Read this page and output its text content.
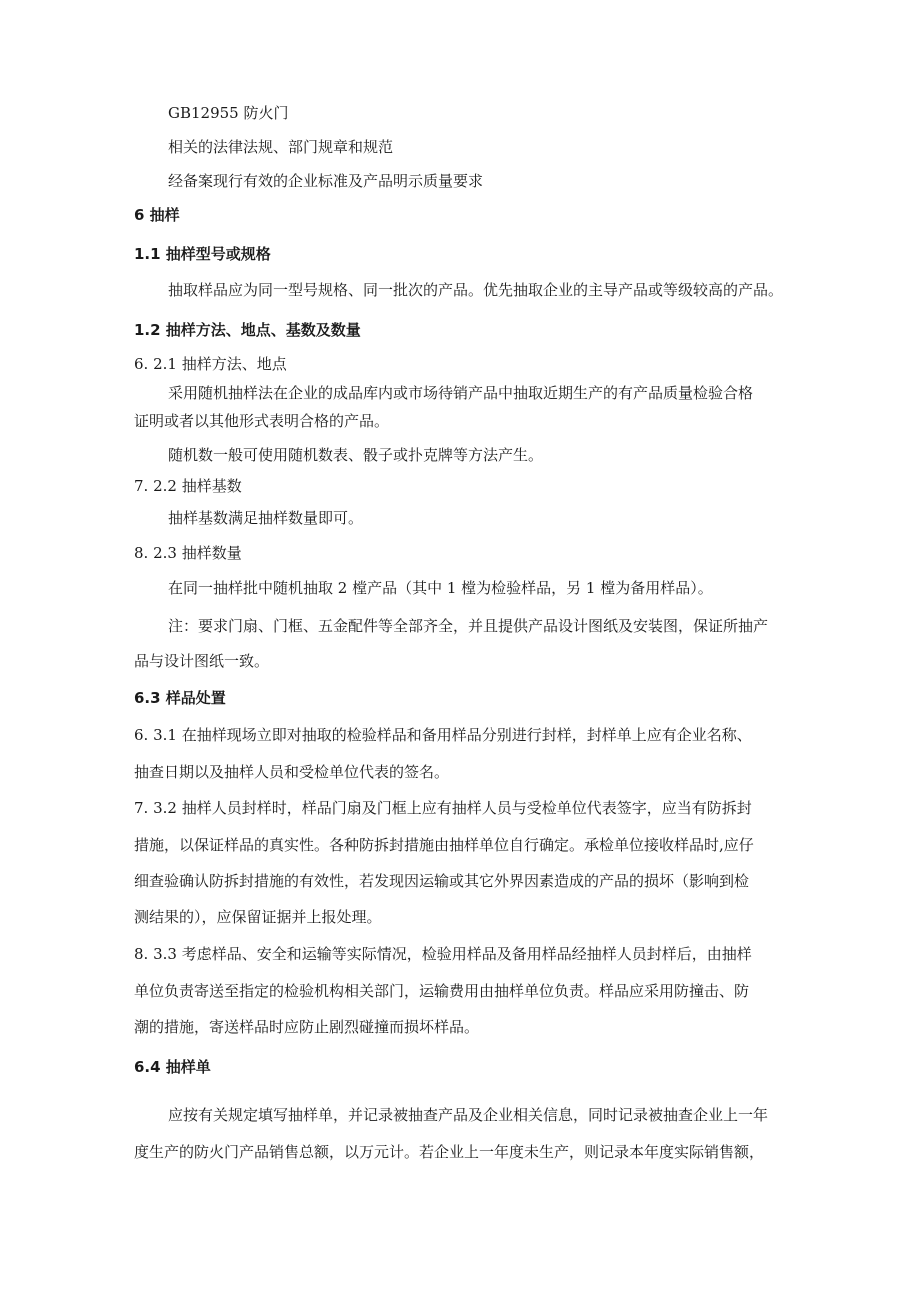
GB12955 防火门

相关的法律法规、部门规章和规范

经备案现行有效的企业标准及产品明示质量要求

6 抽样
1.1 抽样型号或规格

抽取样品应为同一型号规格、同一批次的产品。优先抽取企业的主导产品或等级较高的产品。

1.2 抽样方法、地点、基数及数量

6. 2.1 抽样方法、地点

采用随机抽样法在企业的成品库内或市场待销产品中抽取近期生产的有产品质量检验合格

证明或者以其他形式表明合格的产品。

随机数一般可使用随机数表、骰子或扑克牌等方法产生。

7. 2.2 抽样基数

抽样基数满足抽样数量即可。

8. 2.3 抽样数量

在同一抽样批中随机抽取 2 樘产品（其中 1 樘为检验样品，另 1 樘为备用样品）。

注：要求门扇、门框、五金配件等全部齐全，并且提供产品设计图纸及安装图，保证所抽产

品与设计图纸一致。

6.3 样品处置

6. 3.1 在抽样现场立即对抽取的检验样品和备用样品分别进行封样，封样单上应有企业名称、

抽查日期以及抽样人员和受检单位代表的签名。

7. 3.2 抽样人员封样时，样品门扇及门框上应有抽样人员与受检单位代表签字，应当有防拆封

措施，以保证样品的真实性。各种防拆封措施由抽样单位自行确定。承检单位接收样品时,应仔

细查验确认防拆封措施的有效性，若发现因运输或其它外界因素造成的产品的损坏（影响到检

测结果的），应保留证据并上报处理。

8. 3.3 考虑样品、安全和运输等实际情况，检验用样品及备用样品经抽样人员封样后，由抽样

单位负责寄送至指定的检验机构相关部门，运输费用由抽样单位负责。样品应采用防撞击、防

潮的措施，寄送样品时应防止剧烈碰撞而损坏样品。

6.4 抽样单

应按有关规定填写抽样单，并记录被抽查产品及企业相关信息，同时记录被抽查企业上一年

度生产的防火门产品销售总额，以万元计。若企业上一年度未生产，则记录本年度实际销售额，
